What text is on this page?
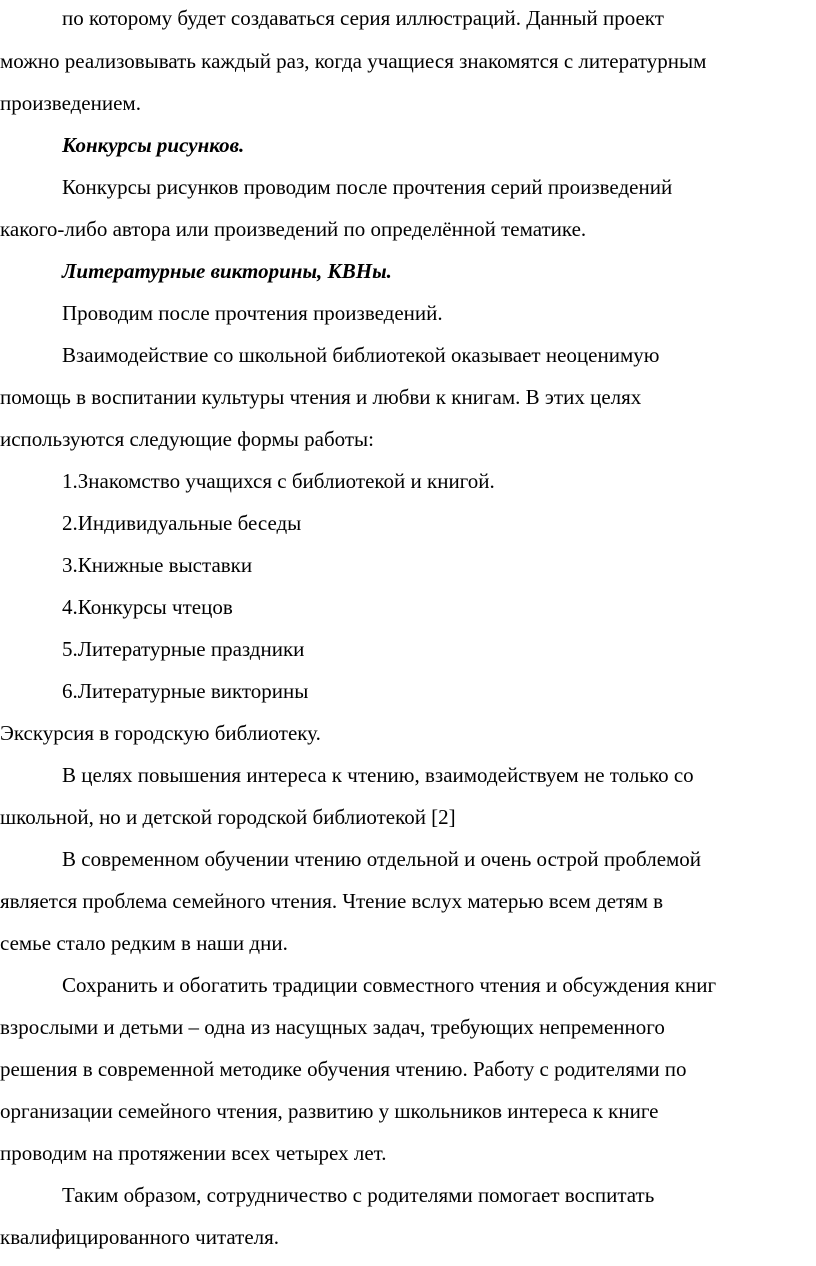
по которому будет создаваться серия иллюстраций. Данный проект
можно реализовывать каждый раз, когда учащиеся знакомятся с литературным
произведением.
Конкурсы рисунков.
Конкурсы рисунков проводим после прочтения серий произведений
какого-либо автора или произведений по определённой тематике.
Литературные викторины, КВНы.
Проводим после прочтения произведений.
Взаимодействие со школьной библиотекой оказывает неоценимую
помощь в воспитании культуры чтения и любви к книгам. В этих целях
используются следующие формы работы:
1.Знакомство учащихся с библиотекой и книгой.
2.Индивидуальные беседы
3.Книжные выставки
4.Конкурсы чтецов
5.Литературные праздники
6.Литературные викторины
Экскурсия в городскую библиотеку.
В целях повышения интереса к чтению, взаимодействуем не только со
школьной, но и детской городской библиотекой [2]
В современном обучении чтению отдельной и очень острой проблемой
является проблема семейного чтения. Чтение вслух матерью всем детям в
семье стало редким в наши дни.
Сохранить и обогатить традиции совместного чтения и обсуждения книг
взрослыми и детьми – одна из насущных задач, требующих непременного
решения в современной методике обучения чтению. Работу с родителями по
организации семейного чтения, развитию у школьников интереса к книге
проводим на протяжении всех четырех лет.
Таким образом, сотрудничество с родителями помогает воспитать
квалифицированного читателя.
